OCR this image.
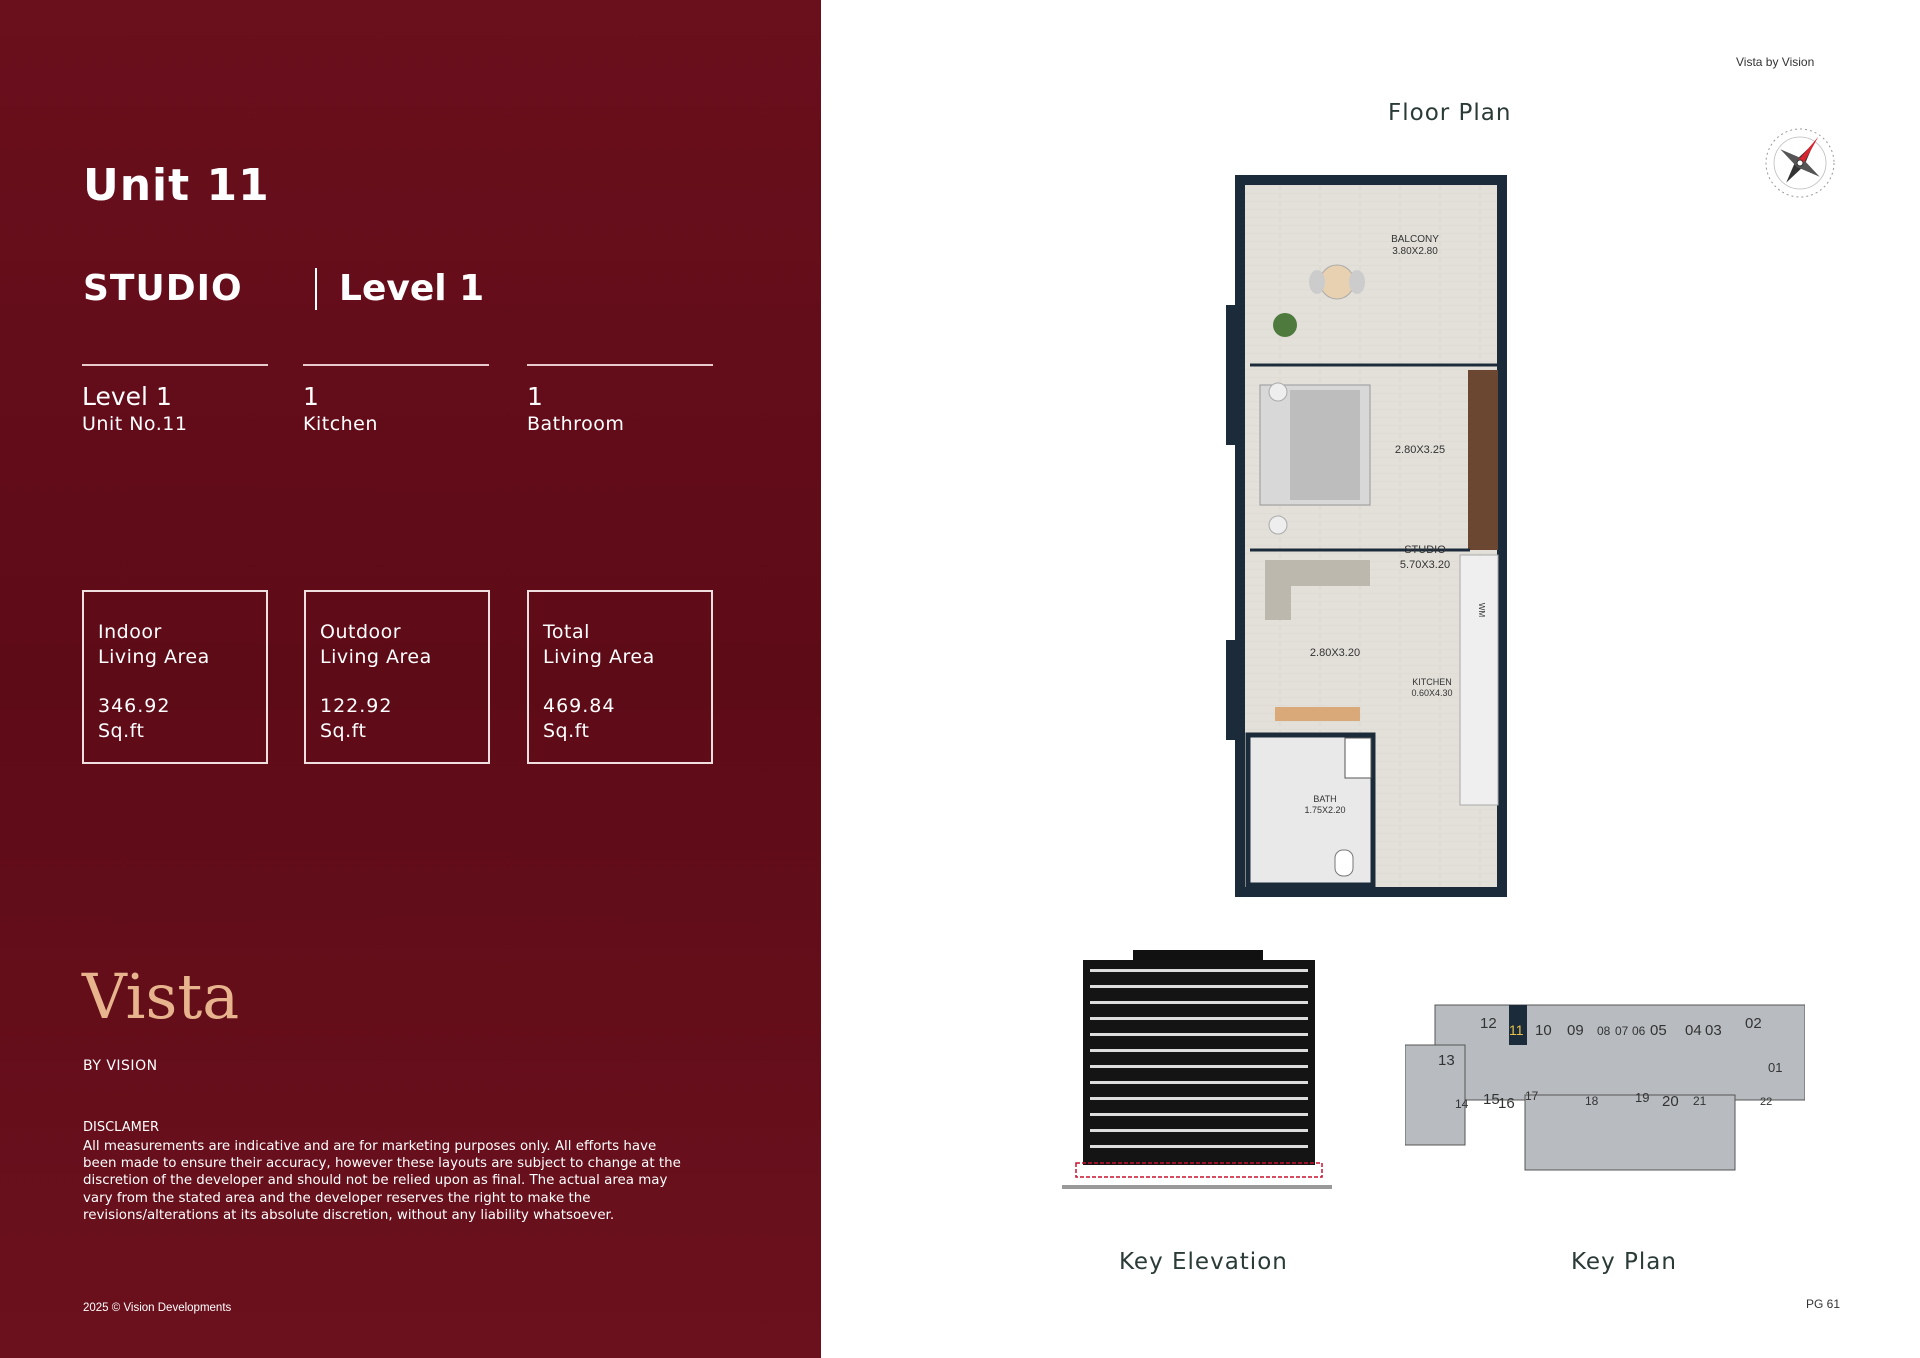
Unit 11
STUDIO	Level 1
Level 1
Unit No.11
1
Kitchen
1
Bathroom
Indoor
Living Area
346.92
Sq.ft
Outdoor
Living Area
122.92
Sq.ft
Total
Living Area
469.84
Sq.ft
Vista
BY VISION
DISCLAMER
All measurements are indicative and are for marketing purposes only. All efforts have been made to ensure their accuracy, however these layouts are subject to change at the discretion of the developer and should not be relied upon as final. The actual area may vary from the stated area and the developer reserves the right to make the revisions/alterations at its absolute discretion, without any liability whatsoever.
2025 © Vision Developments
Vista by Vision
Floor Plan
BALCONY
3.80X2.80
2.80X3.25
STUDIO
5.70X3.20
2.80X3.20
WM
KITCHEN
0.60X4.30
BATH
1.75X2.20
12 11 10 09 08 07 06 05 04 03 02
13	01
14 15
16 17	18	19 20 21	22
Key Elevation	Key Plan
PG 61
